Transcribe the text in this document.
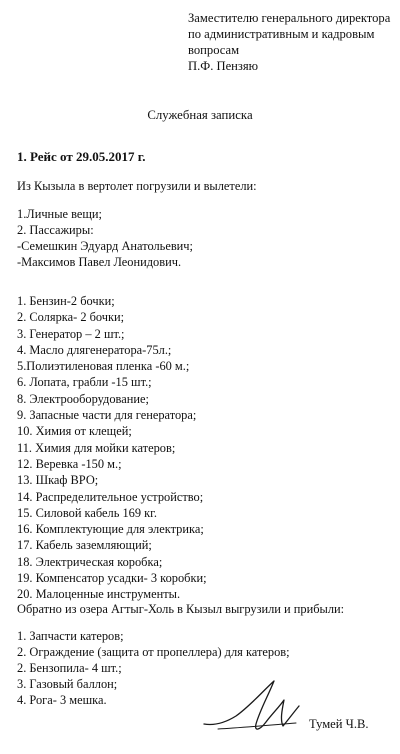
Заместителю генерального директора
по административным и кадровым
вопросам
П.Ф. Пензяю
Служебная записка
1. Рейс от 29.05.2017 г.
Из Кызыла в вертолет погрузили и вылетели:
1.Личные вещи;
2. Пассажиры:
-Семешкин Эдуард Анатольевич;
-Максимов Павел Леонидович.
1. Бензин-2 бочки;
2. Солярка- 2 бочки;
3. Генератор – 2 шт.;
4. Масло длягенератора-75л.;
5.Полиэтиленовая пленка -60 м.;
6. Лопата, грабли -15 шт.;
8. Электрооборудование;
9. Запасные части для генератора;
10. Химия от клещей;
11. Химия для мойки катеров;
12. Веревка -150 м.;
13. Шкаф ВРО;
14. Распределительное устройство;
15. Силовой кабель 169 кг.
16. Комплектующие для электрика;
17. Кабель заземляющий;
18. Электрическая коробка;
19. Компенсатор усадки- 3 коробки;
20. Малоценные инструменты.
Обратно из озера Агтыг-Холь в Кызыл выгрузили и прибыли:
1. Запчасти катеров;
2. Ограждение (защита от пропеллера) для катеров;
2. Бензопила- 4 шт.;
3. Газовый баллон;
4. Рога- 3 мешка.
Тумей Ч.В.
